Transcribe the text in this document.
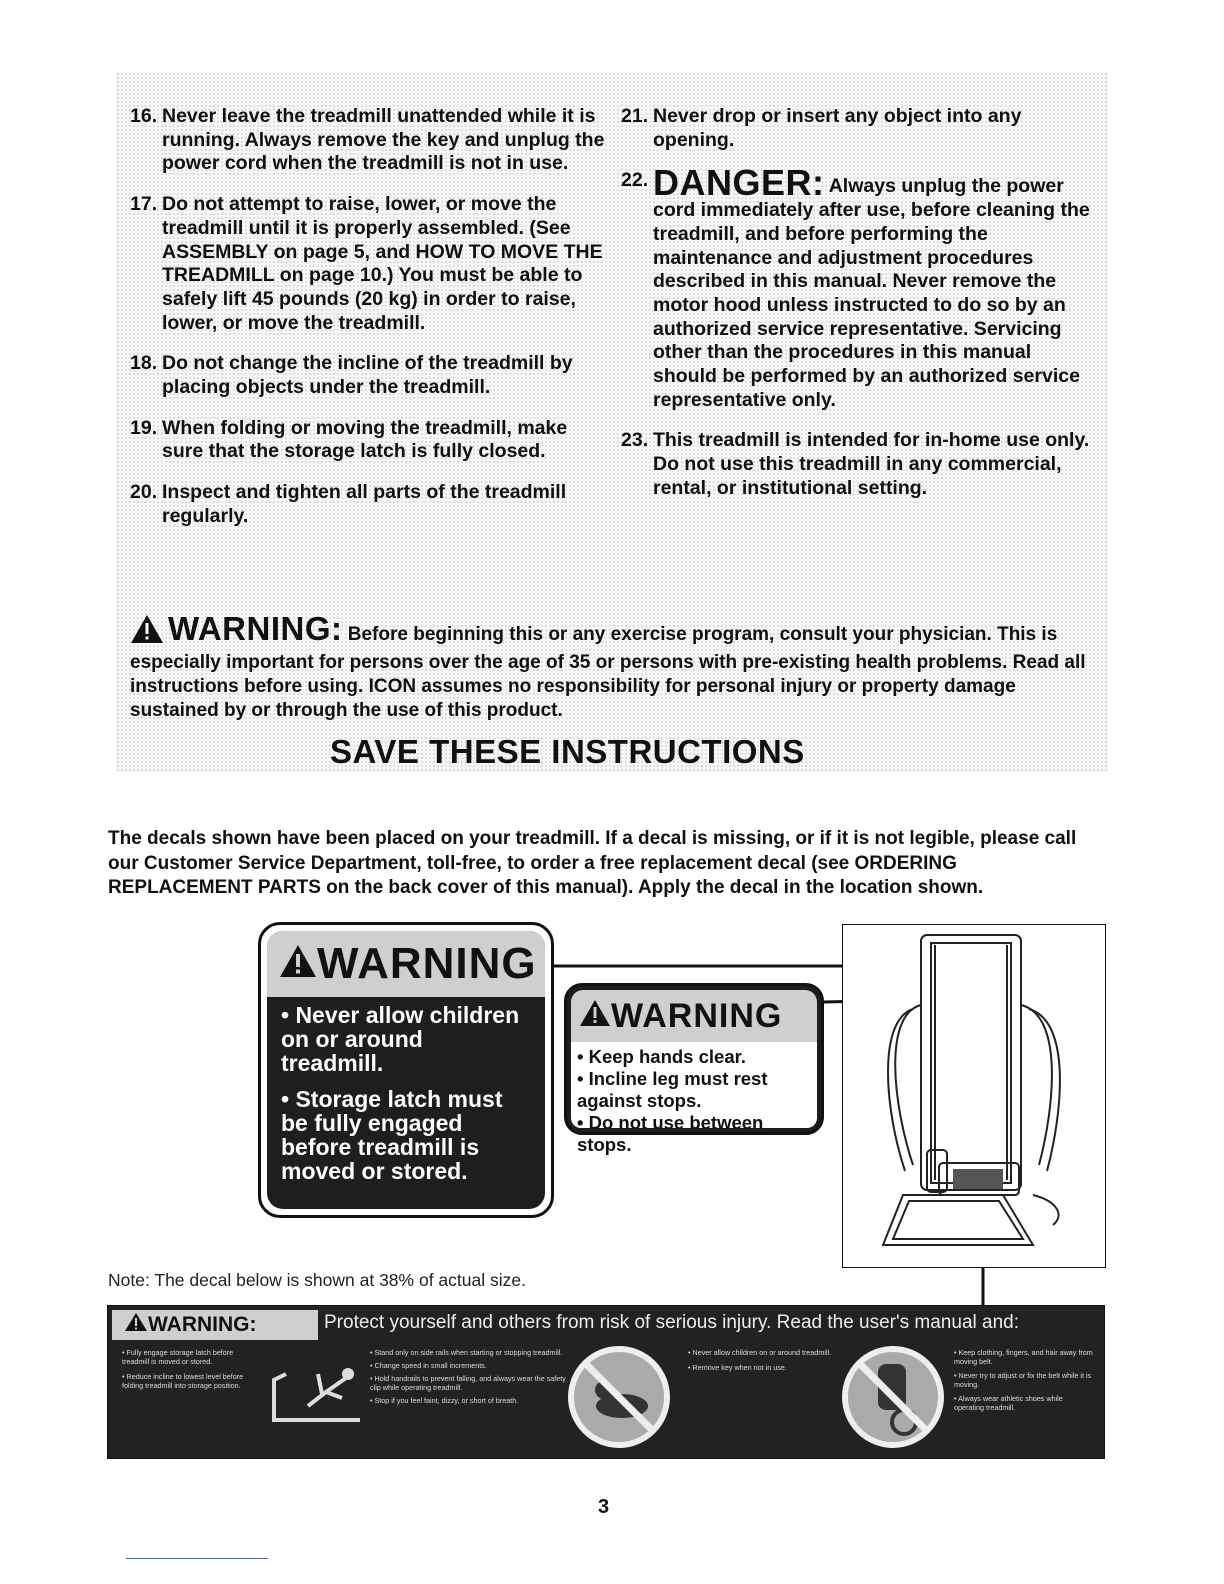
16. Never leave the treadmill unattended while it is running. Always remove the key and unplug the power cord when the treadmill is not in use.
17. Do not attempt to raise, lower, or move the treadmill until it is properly assembled. (See ASSEMBLY on page 5, and HOW TO MOVE THE TREADMILL on page 10.) You must be able to safely lift 45 pounds (20 kg) in order to raise, lower, or move the treadmill.
18. Do not change the incline of the treadmill by placing objects under the treadmill.
19. When folding or moving the treadmill, make sure that the storage latch is fully closed.
20. Inspect and tighten all parts of the treadmill regularly.
21. Never drop or insert any object into any opening.
22. DANGER: Always unplug the power cord immediately after use, before cleaning the treadmill, and before performing the maintenance and adjustment procedures described in this manual. Never remove the motor hood unless instructed to do so by an authorized service representative. Servicing other than the procedures in this manual should be performed by an authorized service representative only.
23. This treadmill is intended for in-home use only. Do not use this treadmill in any commercial, rental, or institutional setting.
WARNING: Before beginning this or any exercise program, consult your physician. This is especially important for persons over the age of 35 or persons with pre-existing health problems. Read all instructions before using. ICON assumes no responsibility for personal injury or property damage sustained by or through the use of this product.
SAVE THESE INSTRUCTIONS
The decals shown have been placed on your treadmill. If a decal is missing, or if it is not legible, please call our Customer Service Department, toll-free, to order a free replacement decal (see ORDERING REPLACEMENT PARTS on the back cover of this manual). Apply the decal in the location shown.
WARNING

• Never allow children on or around treadmill.

• Storage latch must be fully engaged before treadmill is moved or stored.

WARNING
• Keep hands clear.
• Incline leg must rest against stops.
• Do not use between stops.
Note: The decal below is shown at 38% of actual size.
WARNING:	Protect yourself and others from risk of serious injury. Read the user's manual and:
• Fully engage storage latch before treadmill is moved or stored.
• Reduce incline to lowest level before folding treadmill into storage position.
• Stand only on side rails when starting or stopping treadmill.
• Change speed in small increments.
• Hold handrails to prevent falling, and always wear the safety clip while operating treadmill.
• Stop if you feel faint, dizzy, or short of breath.
• Never allow children on or around treadmill.
• Remove key when not in use.
• Keep clothing, fingers, and hair away from moving belt.
• Never try to adjust or fix the belt while it is moving.
• Always wear athletic shoes while operating treadmill.
3
